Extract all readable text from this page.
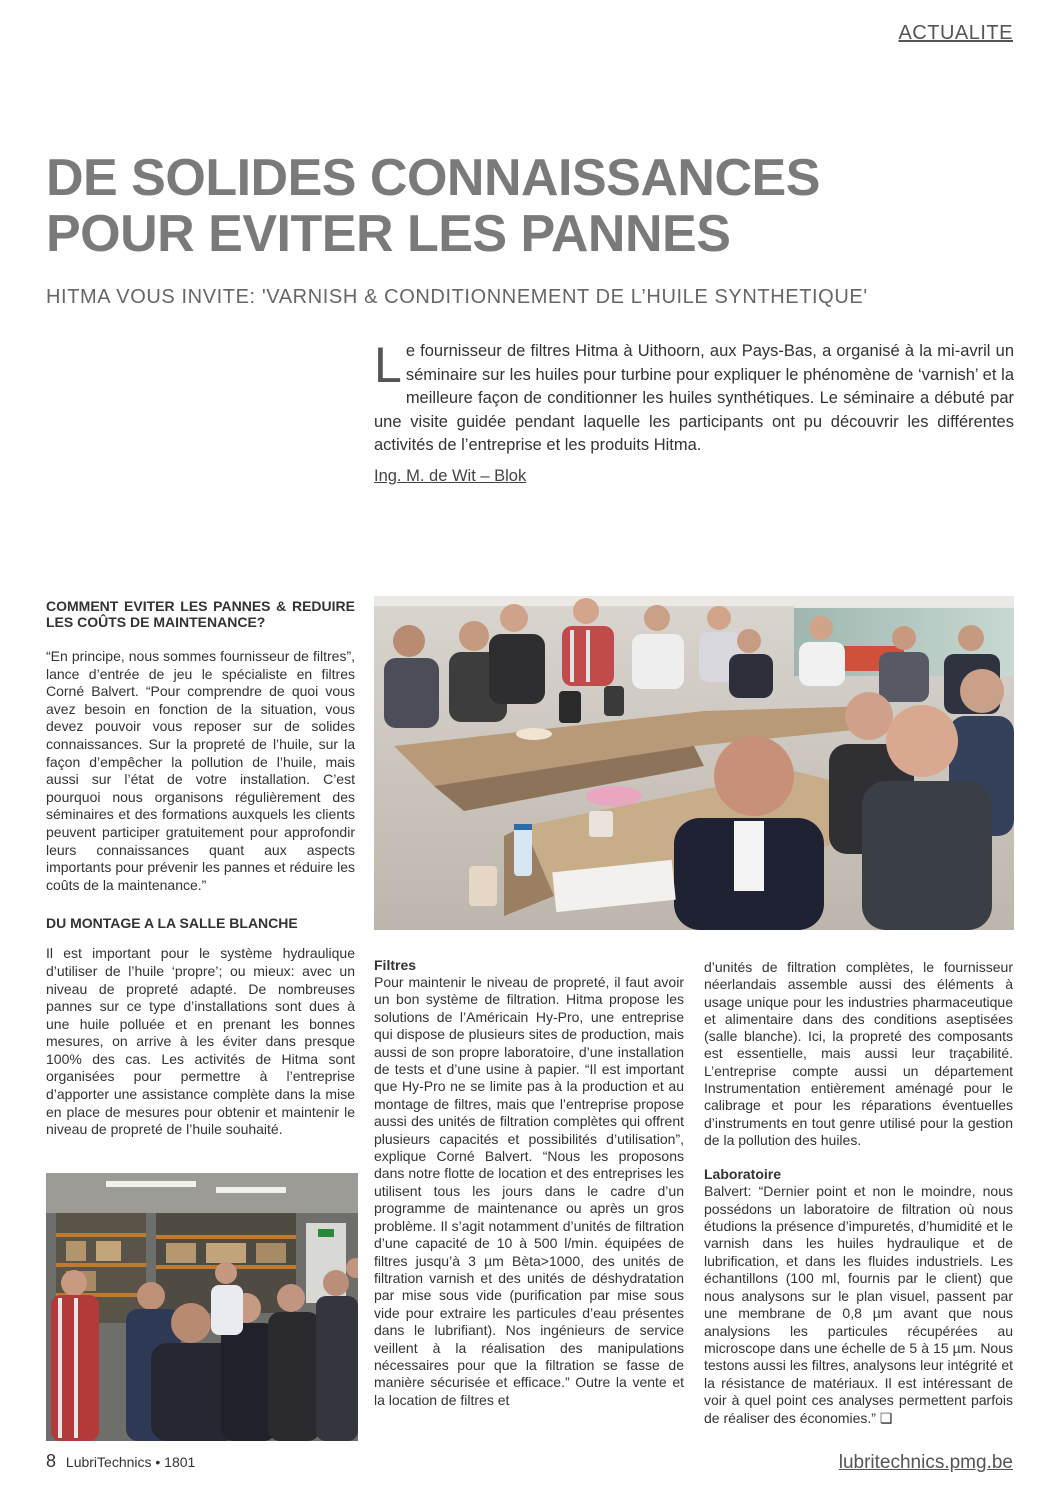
ACTUALITE
DE SOLIDES CONNAISSANCES
POUR EVITER LES PANNES
HITMA VOUS INVITE: 'VARNISH & CONDITIONNEMENT DE L’HUILE SYNTHETIQUE'
L e fournisseur de filtres Hitma à Uithoorn, aux Pays-Bas, a organisé à la mi-avril un séminaire sur les huiles pour turbine pour expliquer le phénomène de ‘varnish’ et la meilleure façon de conditionner les huiles synthétiques. Le séminaire a débuté par une visite guidée pendant laquelle les participants ont pu découvrir les différentes activités de l’entreprise et les produits Hitma.
Ing. M. de Wit – Blok
COMMENT EVITER LES PANNES & REDUIRE LES COÛTS DE MAINTENANCE?

“En principe, nous sommes fournisseur de filtres”, lance d’entrée de jeu le spécialiste en filtres Corné Balvert. “Pour comprendre de quoi vous avez besoin en fonction de la situation, vous devez pouvoir vous reposer sur de solides connaissances. Sur la propreté de l’huile, sur la façon d’empêcher la pollution de l’huile, mais aussi sur l’état de votre installation. C’est pourquoi nous organisons régulièrement des séminaires et des formations auxquels les clients peuvent participer gratuitement pour approfondir leurs connaissances quant aux aspects importants pour prévenir les pannes et réduire les coûts de la maintenance.”

DU MONTAGE A LA SALLE BLANCHE

Il est important pour le système hydraulique d’utiliser de l’huile ‘propre’; ou mieux: avec un niveau de propreté adapté. De nombreuses pannes sur ce type d’installations sont dues à une huile polluée et en prenant les bonnes mesures, on arrive à les éviter dans presque 100% des cas. Les activités de Hitma sont organisées pour permettre à l’entreprise d’apporter une assistance complète dans la mise en place de mesures pour obtenir et maintenir le niveau de propreté de l’huile souhaité.

Filtres

Pour maintenir le niveau de propreté, il faut avoir un bon système de filtration. Hitma propose les solutions de l’Américain Hy-Pro, une entreprise qui dispose de plusieurs sites de production, mais aussi de son propre laboratoire, d’une installation de tests et d’une usine à papier. “Il est important que Hy-Pro ne se limite pas à la production et au montage de filtres, mais que l’entreprise propose aussi des unités de filtration complètes qui offrent plusieurs capacités et possibilités d’utilisation”, explique Corné Balvert. “Nous les proposons dans notre flotte de location et des entreprises les utilisent tous les jours dans le cadre d’un programme de maintenance ou après un gros problème. Il s’agit notamment d’unités de filtration d’une capacité de 10 à 500 l/min. équipées de filtres jusqu’à 3 µm Bèta>1000, des unités de filtration varnish et des unités de déshydratation par mise sous vide (purification par mise sous vide pour extraire les particules d’eau présentes dans le lubrifiant). Nos ingénieurs de service veillent à la réalisation des manipulations nécessaires pour que la filtration se fasse de manière sécurisée et efficace.” Outre la vente et la location de filtres et

d’unités de filtration complètes, le fournisseur néerlandais assemble aussi des éléments à usage unique pour les industries pharmaceutique et alimentaire dans des conditions aseptisées (salle blanche). Ici, la propreté des composants est essentielle, mais aussi leur traçabilité. L’entreprise compte aussi un département Instrumentation entièrement aménagé pour le calibrage et pour les réparations éventuelles d’instruments en tout genre utilisé pour la gestion de la pollution des huiles.

Laboratoire

Balvert: “Dernier point et non le moindre, nous possédons un laboratoire de filtration où nous étudions la présence d’impuretés, d’humidité et le varnish dans les huiles hydraulique et de lubrification, et dans les fluides industriels. Les échantillons (100 ml, fournis par le client) que nous analysons sur le plan visuel, passent par une membrane de 0,8 µm avant que nous analysions les particules récupérées au microscope dans une échelle de 5 à 15 µm. Nous testons aussi les filtres, analysons leur intégrité et la résistance de matériaux. Il est intéressant de voir à quel point ces analyses permettent parfois de réaliser des économies.” ❑

8 LubriTechnics • 1801	lubritechnics.pmg.be
